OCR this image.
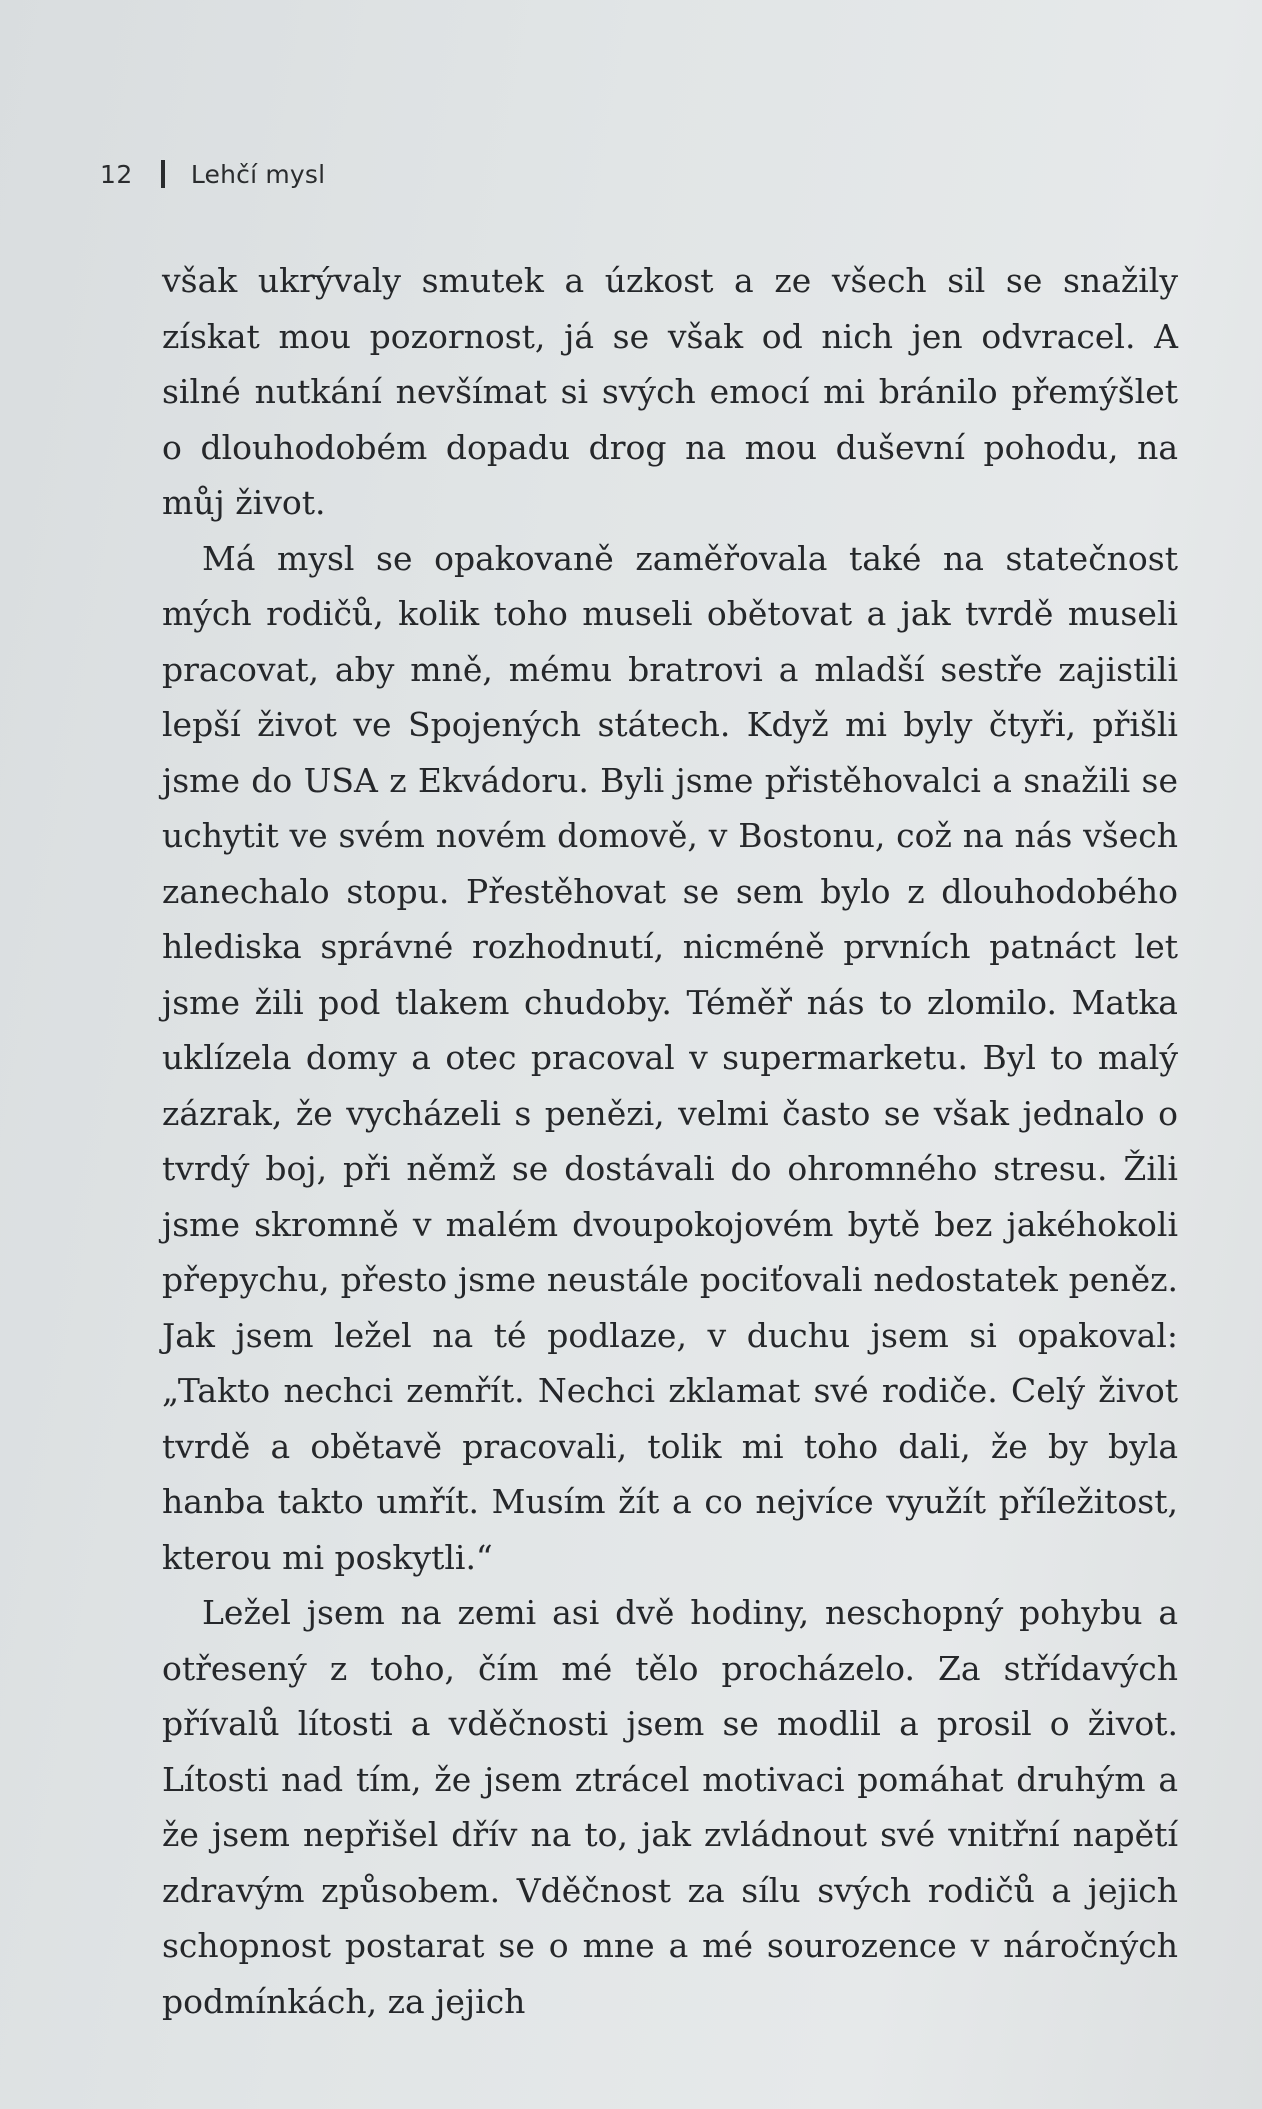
12 Lehčí mysl

však ukrývaly smutek a úzkost a ze všech sil se snažily získat mou pozornost, já se však od nich jen odvracel. A silné nutkání nevšímat si svých emocí mi bránilo přemýšlet o dlouhodobém dopadu drog na mou duševní pohodu, na můj život.

Má mysl se opakovaně zaměřovala také na statečnost mých rodičů, kolik toho museli obětovat a jak tvrdě museli pracovat, aby mně, mému bratrovi a mladší sestře zajistili lepší život ve Spojených státech. Když mi byly čtyři, přišli jsme do USA z Ekvádoru. Byli jsme přistěhovalci a snažili se uchytit ve svém novém domově, v Bostonu, což na nás všech zanechalo stopu. Přestěhovat se sem bylo z dlouhodobého hlediska správné rozhodnutí, nicméně prvních patnáct let jsme žili pod tlakem chudoby. Téměř nás to zlomilo. Matka uklízela domy a otec pracoval v supermarketu. Byl to malý zázrak, že vycházeli s penězi, velmi často se však jednalo o tvrdý boj, při němž se dostávali do ohromného stresu. Žili jsme skromně v malém dvoupokojovém bytě bez jakéhokoli přepychu, přesto jsme neustále pociťovali nedostatek peněz. Jak jsem ležel na té podlaze, v duchu jsem si opakoval: „Takto nechci zemřít. Nechci zklamat své rodiče. Celý život tvrdě a obětavě pracovali, tolik mi toho dali, že by byla hanba takto umřít. Musím žít a co nejvíce využít příležitost, kterou mi poskytli.“

Ležel jsem na zemi asi dvě hodiny, neschopný pohybu a otřesený z toho, čím mé tělo procházelo. Za střídavých přívalů lítosti a vděčnosti jsem se modlil a prosil o život. Lítosti nad tím, že jsem ztrácel motivaci pomáhat druhým a že jsem nepřišel dřív na to, jak zvládnout své vnitřní napětí zdravým způsobem. Vděčnost za sílu svých rodičů a jejich schopnost postarat se o mne a mé sourozence v náročných podmínkách, za jejich
